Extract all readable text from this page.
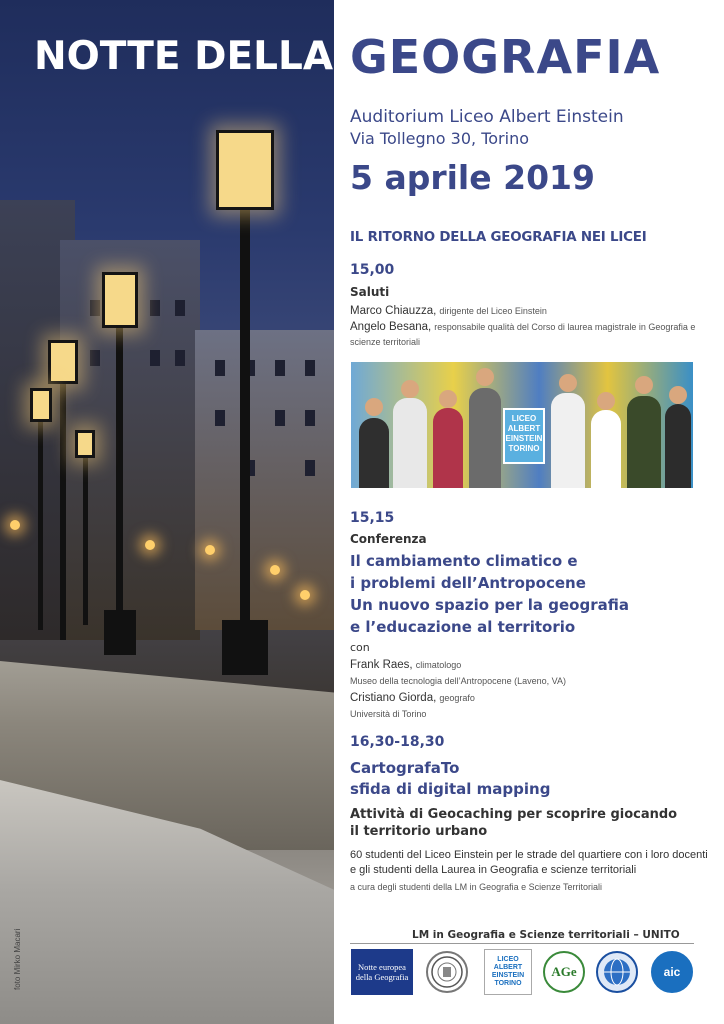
foto Mirko Macari
NOTTE DELLA GEOGRAFIA
Auditorium Liceo Albert Einstein
Via Tollegno 30, Torino
5 aprile 2019
IL RITORNO DELLA GEOGRAFIA NEI LICEI
15,00
Saluti
Marco Chiauzza, dirigente del Liceo Einstein
Angelo Besana, responsabile qualità del Corso di laurea magistrale in Geografia e
scienze territoriali
LICEO
ALBERT
EINSTEIN
TORINO
15,15
Conferenza
Il cambiamento climatico e
i problemi dell’Antropocene
Un nuovo spazio per la geografia
e l’educazione al territorio
con
Frank Raes, climatologo
Museo della tecnologia dell’Antropocene (Laveno, VA)
Cristiano Giorda, geografo
Università di Torino
16,30-18,30
CartografaTo
sfida di digital mapping
Attività di Geocaching per scoprire giocando
il territorio urbano
60 studenti del Liceo Einstein per le strade del quartiere con i loro docenti
e gli studenti della Laurea in Geografia e scienze territoriali
a cura degli studenti della LM in Geografia e Scienze Territoriali
LM in Geografia e Scienze territoriali – UNITO
Notte europea
della Geografia
LICEO
ALBERT
EINSTEIN
TORINO
AGe	aic
